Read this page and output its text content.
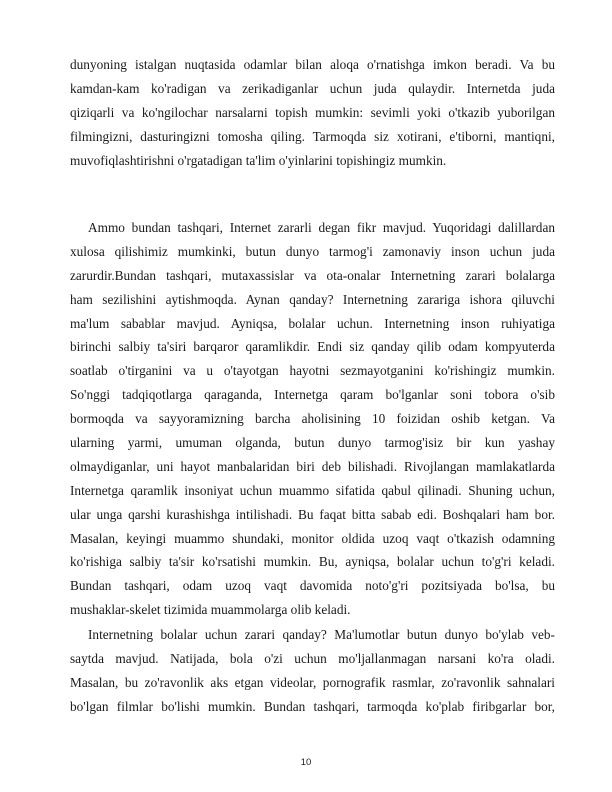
dunyoning istalgan nuqtasida odamlar bilan aloqa o'rnatishga imkon beradi. Va bu
kamdan-kam ko'radigan va zerikadiganlar uchun juda qulaydir. Internetda juda
qiziqarli va ko'ngilochar narsalarni topish mumkin: sevimli yoki o'tkazib yuborilgan
filmingizni, dasturingizni tomosha qiling. Tarmoqda siz xotirani, e'tiborni, mantiqni,
muvofiqlashtirishni o'rgatadigan ta'lim o'yinlarini topishingiz mumkin.
Ammo bundan tashqari, Internet zararli degan fikr mavjud. Yuqoridagi dalillardan
xulosa qilishimiz mumkinki, butun dunyo tarmog'i zamonaviy inson uchun juda
zarurdir.Bundan tashqari, mutaxassislar va ota-onalar Internetning zarari bolalarga
ham sezilishini aytishmoqda. Aynan qanday? Internetning zarariga ishora qiluvchi
ma'lum sabablar mavjud. Ayniqsa, bolalar uchun. Internetning inson ruhiyatiga
birinchi salbiy ta'siri barqaror qaramlikdir. Endi siz qanday qilib odam kompyuterda
soatlab o'tirganini va u o'tayotgan hayotni sezmayotganini ko'rishingiz mumkin.
So'nggi tadqiqotlarga qaraganda, Internetga qaram bo'lganlar soni tobora o'sib
bormoqda va sayyoramizning barcha aholisining 10 foizidan oshib ketgan. Va
ularning yarmi, umuman olganda, butun dunyo tarmog'isiz bir kun yashay
olmaydiganlar, uni hayot manbalaridan biri deb bilishadi. Rivojlangan mamlakatlarda
Internetga qaramlik insoniyat uchun muammo sifatida qabul qilinadi. Shuning uchun,
ular unga qarshi kurashishga intilishadi. Bu faqat bitta sabab edi. Boshqalari ham bor.
Masalan, keyingi muammo shundaki, monitor oldida uzoq vaqt o'tkazish odamning
ko'rishiga salbiy ta'sir ko'rsatishi mumkin. Bu, ayniqsa, bolalar uchun to'g'ri keladi.
Bundan tashqari, odam uzoq vaqt davomida noto'g'ri pozitsiyada bo'lsa, bu
mushaklar-skelet tizimida muammolarga olib keladi.
Internetning bolalar uchun zarari qanday? Ma'lumotlar butun dunyo bo'ylab veb-
saytda mavjud. Natijada, bola o'zi uchun mo'ljallanmagan narsani ko'ra oladi.
Masalan, bu zo'ravonlik aks etgan videolar, pornografik rasmlar, zo'ravonlik sahnalari
bo'lgan filmlar bo'lishi mumkin. Bundan tashqari, tarmoqda ko'plab firibgarlar bor,
10
